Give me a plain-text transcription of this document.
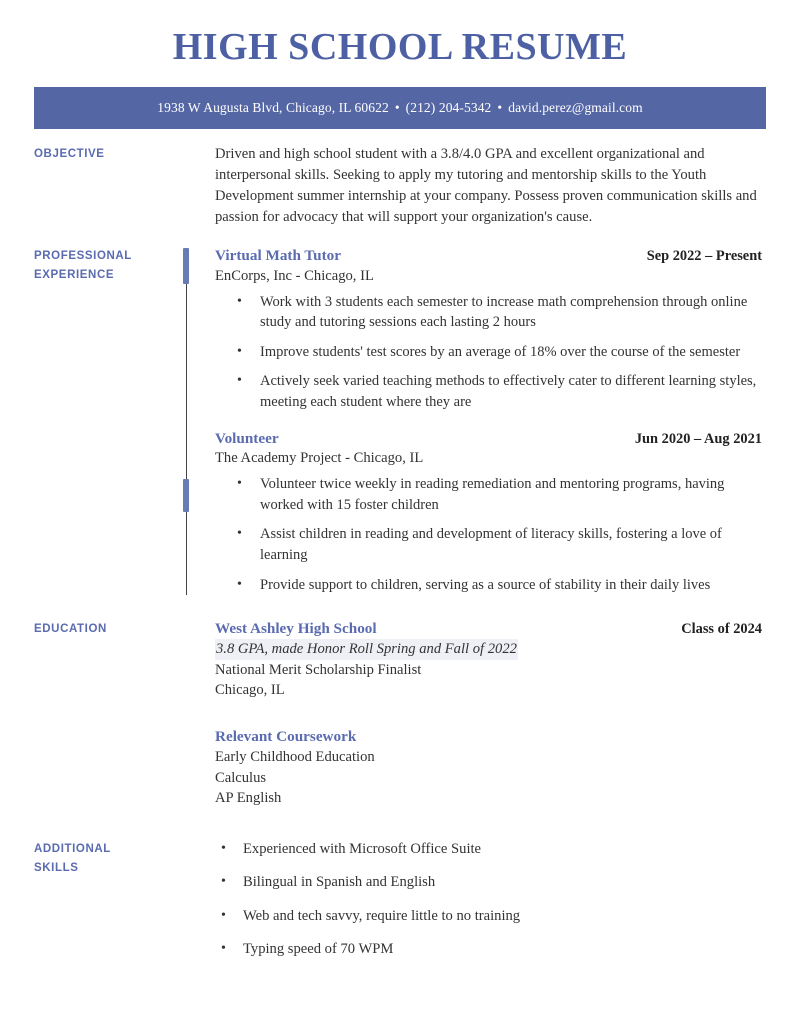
HIGH SCHOOL RESUME
1938 W Augusta Blvd, Chicago, IL 60622 • (212) 204-5342 • david.perez@gmail.com
OBJECTIVE	Driven and high school student with a 3.8/4.0 GPA and excellent organizational and interpersonal skills. Seeking to apply my tutoring and mentorship skills to the Youth Development summer internship at your company. Possess proven communication skills and passion for advocacy that will support your organization's cause.

PROFESSIONAL
EXPERIENCE
Virtual Math Tutor	Sep 2022 – Present
EnCorps, Inc - Chicago, IL
• Work with 3 students each semester to increase math comprehension through online study and tutoring sessions each lasting 2 hours
• Improve students' test scores by an average of 18% over the course of the semester
• Actively seek varied teaching methods to effectively cater to different learning styles, meeting each student where they are
Volunteer	Jun 2020 – Aug 2021
The Academy Project - Chicago, IL
• Volunteer twice weekly in reading remediation and mentoring programs, having worked with 15 foster children
• Assist children in reading and development of literacy skills, fostering a love of learning
• Provide support to children, serving as a source of stability in their daily lives
EDUCATION	West Ashley High School	Class of 2024
3.8 GPA, made Honor Roll Spring and Fall of 2022
National Merit Scholarship Finalist
Chicago, IL
Relevant Coursework
Early Childhood Education
Calculus
AP English
ADDITIONAL
SKILLS
• Experienced with Microsoft Office Suite
• Bilingual in Spanish and English
• Web and tech savvy, require little to no training
• Typing speed of 70 WPM
